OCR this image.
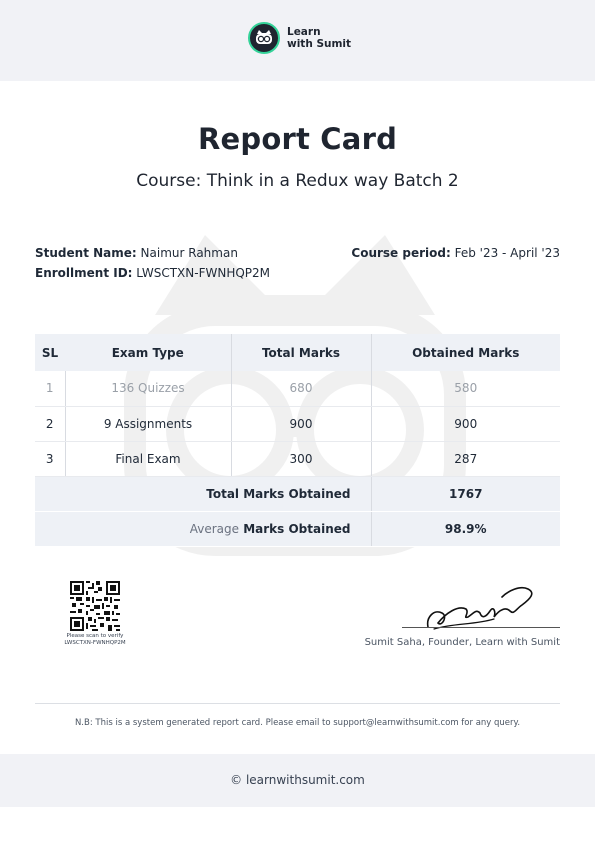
Learn
with Sumit
Report Card
Course: Think in a Redux way Batch 2
Student Name: Naimur Rahman
Enrollment ID: LWSCTXN-FWNHQP2M
Course period: Feb '23 - April '23
SL	Exam Type	Total Marks	Obtained Marks
1	136 Quizzes	680	580
2	9 Assignments	900	900
3	Final Exam	300	287
Total Marks Obtained			1767
Average Marks Obtained			98.9%
Please scan to verify
LWSCTXN-FWNHQP2M	Sumit Saha, Founder, Learn with Sumit
N.B: This is a system generated report card. Please email to support@learnwithsumit.com for any query.
© learnwithsumit.com
